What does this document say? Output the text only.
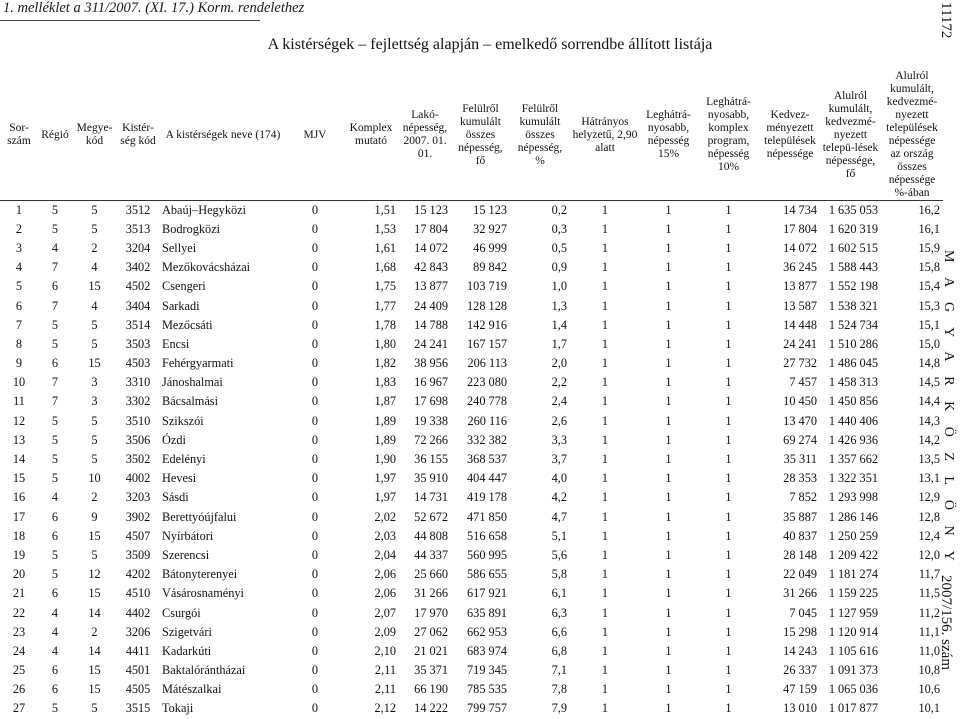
1. melléklet a 311/2007. (XI. 17.) Korm. rendelethez
A kistérségek – fejlettség alapján – emelkedő sorrendbe állított listája
11172
M A G Y A R K Ö Z L Ö N Y
2007/156. szám
Sor-szám	Régió	Megye-kód	Kistér-ség kód	A kistérségek neve (174)	MJV	Komplex mutató	Lakó-népesség, 2007. 01. 01.	Felülről kumulált összes népesség, fő	Felülről kumulált összes népesség, %	Hátrányos helyzetű, 2,90 alatt	Leghátrá-nyosabb, népesség 15%	Leghátrá-nyosabb, komplex program, népesség 10%	Kedvez-ményezett települések népessége	Alulról kumulált, kedvezmé-nyezett telepü-lések népessége, fő	Alulról kumulált, kedvezmé-nyezett települések népessége az ország összes népessége %-ában
1	5	5	3512	Abaúj–Hegyközi	0	1,51	15 123	15 123	0,2	1	1	1	14 734	1 635 053	16,2
2	5	5	3513	Bodrogközi	0	1,53	17 804	32 927	0,3	1	1	1	17 804	1 620 319	16,1
3	4	2	3204	Sellyei	0	1,61	14 072	46 999	0,5	1	1	1	14 072	1 602 515	15,9
4	7	4	3402	Mezőkovácsházai	0	1,68	42 843	89 842	0,9	1	1	1	36 245	1 588 443	15,8
5	6	15	4502	Csengeri	0	1,75	13 877	103 719	1,0	1	1	1	13 877	1 552 198	15,4
6	7	4	3404	Sarkadi	0	1,77	24 409	128 128	1,3	1	1	1	13 587	1 538 321	15,3
7	5	5	3514	Mezőcsáti	0	1,78	14 788	142 916	1,4	1	1	1	14 448	1 524 734	15,1
8	5	5	3503	Encsi	0	1,80	24 241	167 157	1,7	1	1	1	24 241	1 510 286	15,0
9	6	15	4503	Fehérgyarmati	0	1,82	38 956	206 113	2,0	1	1	1	27 732	1 486 045	14,8
10	7	3	3310	Jánoshalmai	0	1,83	16 967	223 080	2,2	1	1	1	7 457	1 458 313	14,5
11	7	3	3302	Bácsalmási	0	1,87	17 698	240 778	2,4	1	1	1	10 450	1 450 856	14,4
12	5	5	3510	Szikszói	0	1,89	19 338	260 116	2,6	1	1	1	13 470	1 440 406	14,3
13	5	5	3506	Ózdi	0	1,89	72 266	332 382	3,3	1	1	1	69 274	1 426 936	14,2
14	5	5	3502	Edelényi	0	1,90	36 155	368 537	3,7	1	1	1	35 311	1 357 662	13,5
15	5	10	4002	Hevesi	0	1,97	35 910	404 447	4,0	1	1	1	28 353	1 322 351	13,1
16	4	2	3203	Sásdi	0	1,97	14 731	419 178	4,2	1	1	1	7 852	1 293 998	12,9
17	6	9	3902	Berettyóújfalui	0	2,02	52 672	471 850	4,7	1	1	1	35 887	1 286 146	12,8
18	6	15	4507	Nyírbátori	0	2,03	44 808	516 658	5,1	1	1	1	40 837	1 250 259	12,4
19	5	5	3509	Szerencsi	0	2,04	44 337	560 995	5,6	1	1	1	28 148	1 209 422	12,0
20	5	12	4202	Bátonyterenyei	0	2,06	25 660	586 655	5,8	1	1	1	22 049	1 181 274	11,7
21	6	15	4510	Vásárosnaményi	0	2,06	31 266	617 921	6,1	1	1	1	31 266	1 159 225	11,5
22	4	14	4402	Csurgói	0	2,07	17 970	635 891	6,3	1	1	1	7 045	1 127 959	11,2
23	4	2	3206	Szigetvári	0	2,09	27 062	662 953	6,6	1	1	1	15 298	1 120 914	11,1
24	4	14	4411	Kadarkúti	0	2,10	21 021	683 974	6,8	1	1	1	14 243	1 105 616	11,0
25	6	15	4501	Baktalórántházai	0	2,11	35 371	719 345	7,1	1	1	1	26 337	1 091 373	10,8
26	6	15	4505	Mátészalkai	0	2,11	66 190	785 535	7,8	1	1	1	47 159	1 065 036	10,6
27	5	5	3515	Tokaji	0	2,12	14 222	799 757	7,9	1	1	1	13 010	1 017 877	10,1
